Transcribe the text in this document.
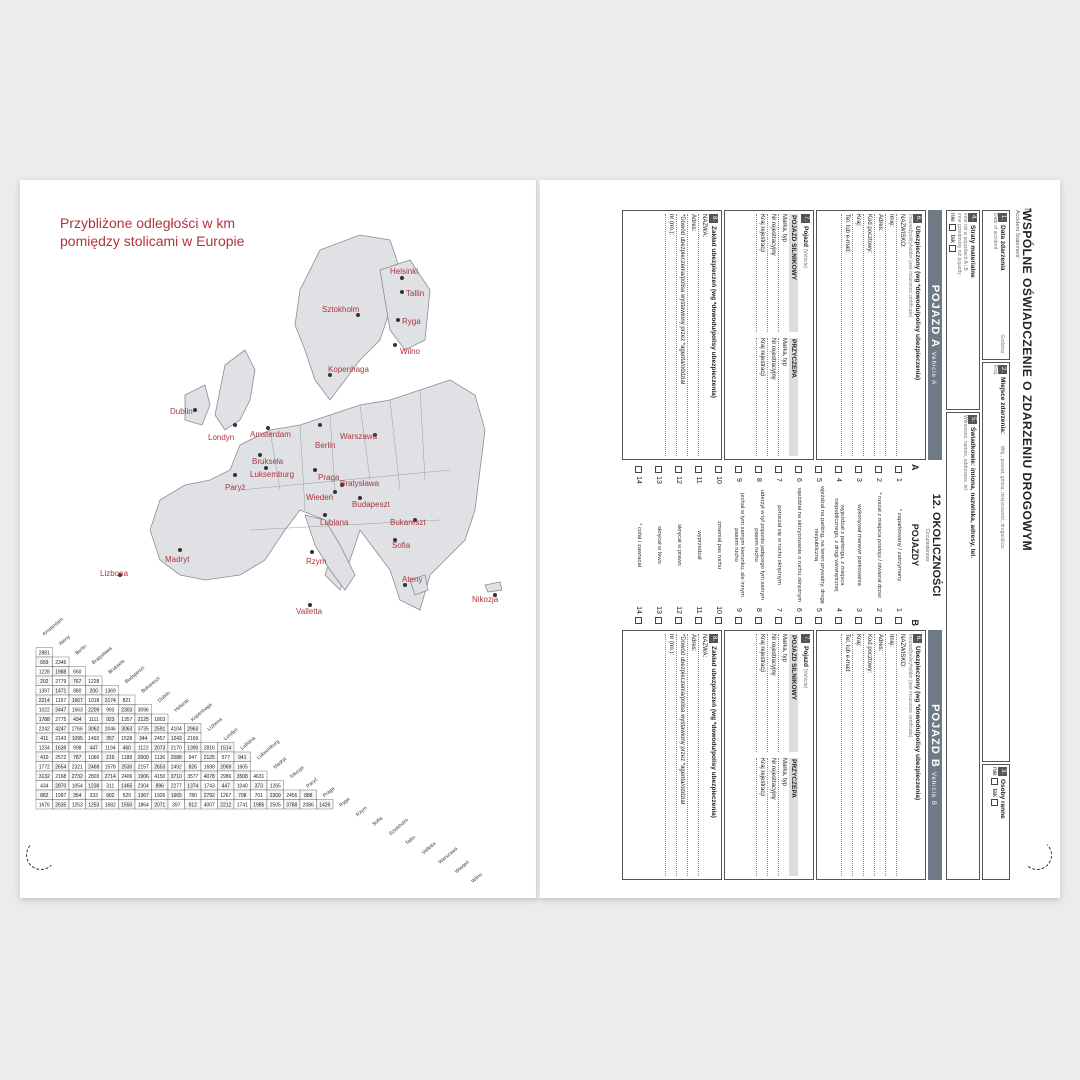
Przybliżone odległości w km pomiędzy stolicami w Europie
Helsinki
Sztokholm
Tallin
Ryga
Wilno
Kopenhaga
Dublin
Londyn Amsterdam
Berlin
Warszawa
Bruksela
Luksemburg
Paryż
Praga
Bratysława
Wiedeń
Budapeszt
Lublana	Bukareszt
Sofia
Madryt
Lizbona
Rzym
Ateny
Valletta
Nikozja
Amsterdam
Ateny
Berlin Bratysława
Bruksela
Budapeszt
Bukareszt
Dublin
Helsinki Kopenhaga
Lizbona
Londyn
Lublana Luksemburg
Madryt
Nikozja
Paryż
Praga
Ryga
Rzym
Sofia Sztokholm
Tallin
Valletta Warszawa
Wiedeń
Wilno
2881
659 2346
1228 1988 660
202 2779 767 1228
1397 1471 880 200 1369
2214 1197 1667 1018 2174 821
1022 3447 1563 2209 993 2303 3096
1788 2775 434 1111 923 1357 2125 1803
2242 4247 2766 3062 2046 3063 3735 2591 4104 2963
411 2143 1095 1492 357 1528 344 2457 1243 2169
1234 1639 998 447 1194 460 1122 2073 2170 1390 2816 1514
410 2572 787 1060 219 1188 2000 1136 2088 947 2125 577 941
1772 2654 2321 2468 1578 2530 2157 2653 2492 826 1698 2069 1605
3132 2168 2732 2803 2714 2406 1906 4150 3710 3577 4078 2986 3508 4631
434 2870 1054 1238 311 1465 2304 896 2277 1374 1743 447 1040 373 1265
882 1997 354 333 902 529 1367 1926 1665 780 2792 1267 708 701 2309 2456 888
1676 2635 1253 1253 1682 1550 1864 2071 397 912 4007 2212 1741 1985 2505 3788 2086 1426
→
WSPÓLNE OŚWIADCZENIE O ZDARZENIU DROGOWYM
Accident Statement
1.Data zdarzenia
Date of accident
Godzina
2.Miejsce zdarzenia: Woj., powiat, gmina, miejscowość, droga/ulica:
Kraj:
3.Osoby ranne
nie tak
4.Straty materialne
inne niż w pojazdach A i B
inne przedmioty niż pojazdy
nie tak
5.Świadkowie: imiona, nazwiska, adresy, tel.
Witnesses: names, addresses, tel.
POJAZD A Vehicle A
6.Ubezpieczony (wg *dowodu/polisy ubezpieczenia)
Insured/policyholder (see insurance certificate)
NAZWISKO:
Imię:
Adres:
Kod pocztowy:
Kraj:
Tel. lub e-mail:
7.Pojazd (Vehicle)
POJAZD SILNIKOWY
Marka, typ
Nr rejestracyjny
Kraj rejestracji
PRZYCZEPA
Marka, typ
Nr rejestracyjny
Kraj rejestracji
8.Zakład ubezpieczeń (wg *dowodu/polisy ubezpieczenia)
NAZWA:
Adres:
*Dowód ubezpieczenia/polisa wystawiony przez *agenta/oddział
nr (no.):
12. OKOLICZNOŚCI
Circumstances
A
POJAZDY
B
1
* zaparkowany / zatrzymany
1
2
* ruszał z miejsca postoju / otwierał drzwi
2
3
wykonywał manewr parkowania
3
4
wyjeżdżał z parkingu, z miejsca niepublicznego, z drogi wewnętrznej
4
5
wjeżdżał na parking, na teren prywatny, drogę niepubliczną
5
6
wjeżdżał na skrzyżowanie o ruchu okrężnym
6
7
poruszał się w ruchu okrężnym
7
8
uderzył w tył pojazdu jadącego tym samym pasem ruchu
8
9
jechał w tym samym kierunku, ale innym pasem ruchu
9
10
zmieniał pas ruchu
10
11
wyprzedzał
11
12
skręcał w prawo
12
13
skręcał w lewo
13
14
* cofał / zawracał
14
POJAZD B Vehicle B
6.Ubezpieczony (wg *dowodu/polisy ubezpieczenia)
Insured/policyholder (see insurance certificate)
NAZWISKO:
Imię:
Adres:
Kod pocztowy:
Kraj:
Tel. lub e-mail:
7.Pojazd (Vehicle)
POJAZD SILNIKOWY
Marka, typ
Nr rejestracyjny
Kraj rejestracji
PRZYCZEPA
Marka, typ
Nr rejestracyjny
Kraj rejestracji
8.Zakład ubezpieczeń (wg *dowodu/polisy ubezpieczenia)
NAZWA:
Adres:
*Dowód ubezpieczenia/polisa wystawiony przez *agenta/oddział
nr (no.):
